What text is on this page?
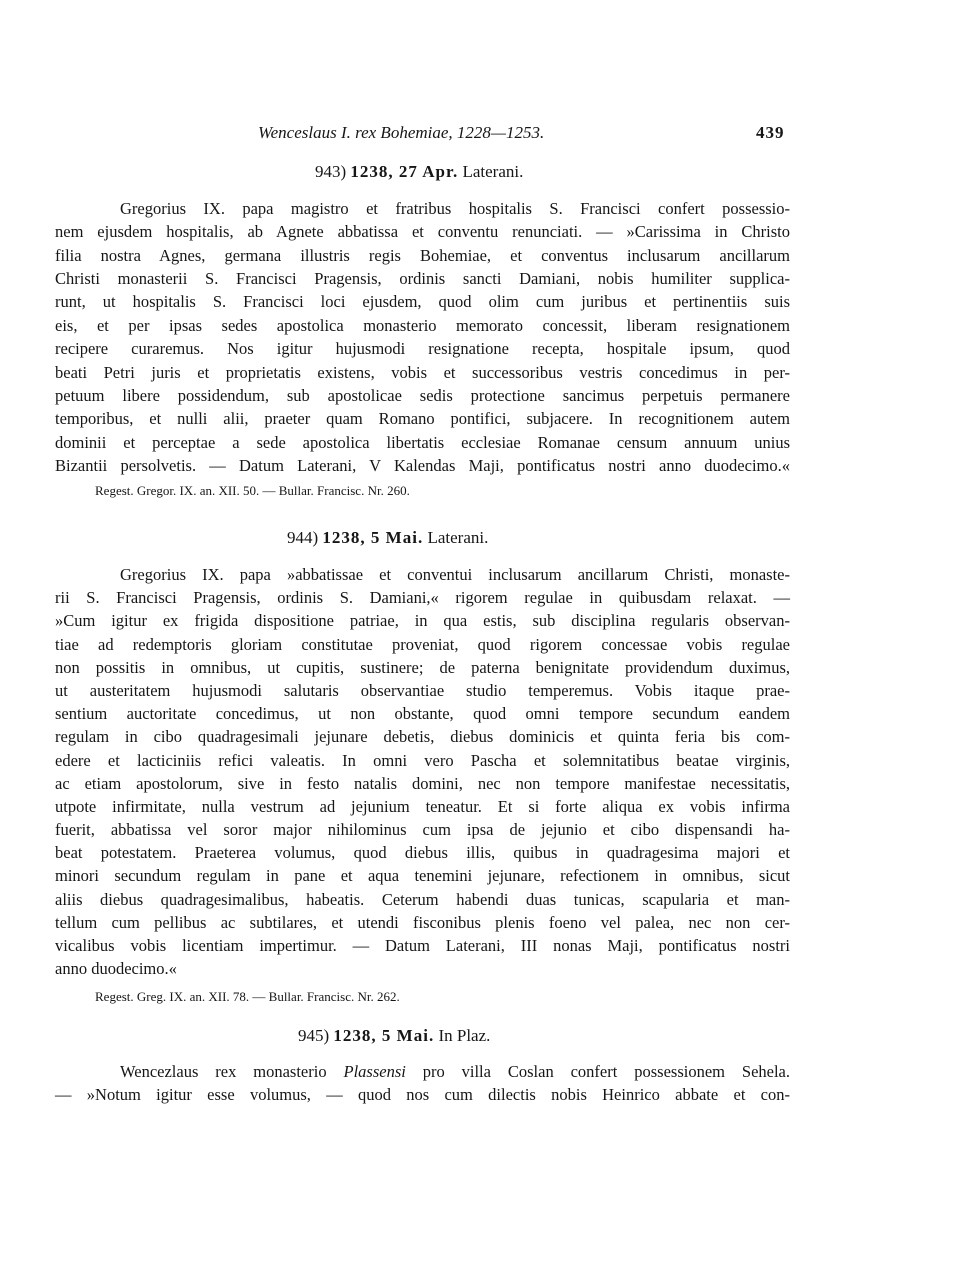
Wenceslaus I. rex Bohemiae, 1228—1253.	439
943) 1238, 27 Apr. Laterani.
Gregorius IX. papa magistro et fratribus hospitalis S. Francisci confert possessio-
nem ejusdem hospitalis, ab Agnete abbatissa et conventu renunciati. — »Carissima in Christo
filia nostra Agnes, germana illustris regis Bohemiae, et conventus inclusarum ancillarum
Christi monasterii S. Francisci Pragensis, ordinis sancti Damiani, nobis humiliter supplica-
runt, ut hospitalis S. Francisci loci ejusdem, quod olim cum juribus et pertinentiis suis
eis, et per ipsas sedes apostolica monasterio memorato concessit, liberam resignationem
recipere curaremus. Nos igitur hujusmodi resignatione recepta, hospitale ipsum, quod
beati Petri juris et proprietatis existens, vobis et successoribus vestris concedimus in per-
petuum libere possidendum, sub apostolicae sedis protectione sancimus perpetuis permanere
temporibus, et nulli alii, praeter quam Romano pontifici, subjacere. In recognitionem autem
dominii et perceptae a sede apostolica libertatis ecclesiae Romanae censum annuum unius
Bizantii persolvetis. — Datum Laterani, V Kalendas Maji, pontificatus nostri anno duodecimo.«
Regest. Gregor. IX. an. XII. 50. — Bullar. Francisc. Nr. 260.
944) 1238, 5 Mai. Laterani.
Gregorius IX. papa »abbatissae et conventui inclusarum ancillarum Christi, monaste-
rii S. Francisci Pragensis, ordinis S. Damiani,« rigorem regulae in quibusdam relaxat. —
»Cum igitur ex frigida dispositione patriae, in qua estis, sub disciplina regularis observan-
tiae ad redemptoris gloriam constitutae proveniat, quod rigorem concessae vobis regulae
non possitis in omnibus, ut cupitis, sustinere; de paterna benignitate providendum duximus,
ut austeritatem hujusmodi salutaris observantiae studio temperemus. Vobis itaque prae-
sentium auctoritate concedimus, ut non obstante, quod omni tempore secundum eandem
regulam in cibo quadragesimali jejunare debetis, diebus dominicis et quinta feria bis com-
edere et lacticiniis refici valeatis. In omni vero Pascha et solemnitatibus beatae virginis,
ac etiam apostolorum, sive in festo natalis domini, nec non tempore manifestae necessitatis,
utpote infirmitate, nulla vestrum ad jejunium teneatur. Et si forte aliqua ex vobis infirma
fuerit, abbatissa vel soror major nihilominus cum ipsa de jejunio et cibo dispensandi ha-
beat potestatem. Praeterea volumus, quod diebus illis, quibus in quadragesima majori et
minori secundum regulam in pane et aqua tenemini jejunare, refectionem in omnibus, sicut
aliis diebus quadragesimalibus, habeatis. Ceterum habendi duas tunicas, scapularia et man-
tellum cum pellibus ac subtilares, et utendi fisconibus plenis foeno vel palea, nec non cer-
vicalibus vobis licentiam impertimur. — Datum Laterani, III nonas Maji, pontificatus nostri
anno duodecimo.«
Regest. Greg. IX. an. XII. 78. — Bullar. Francisc. Nr. 262.
945) 1238, 5 Mai. In Plaz.
Wencezlaus rex monasterio Plassensi pro villa Coslan confert possessionem Sehela.
— »Notum igitur esse volumus, — quod nos cum dilectis nobis Heinrico abbate et con-
